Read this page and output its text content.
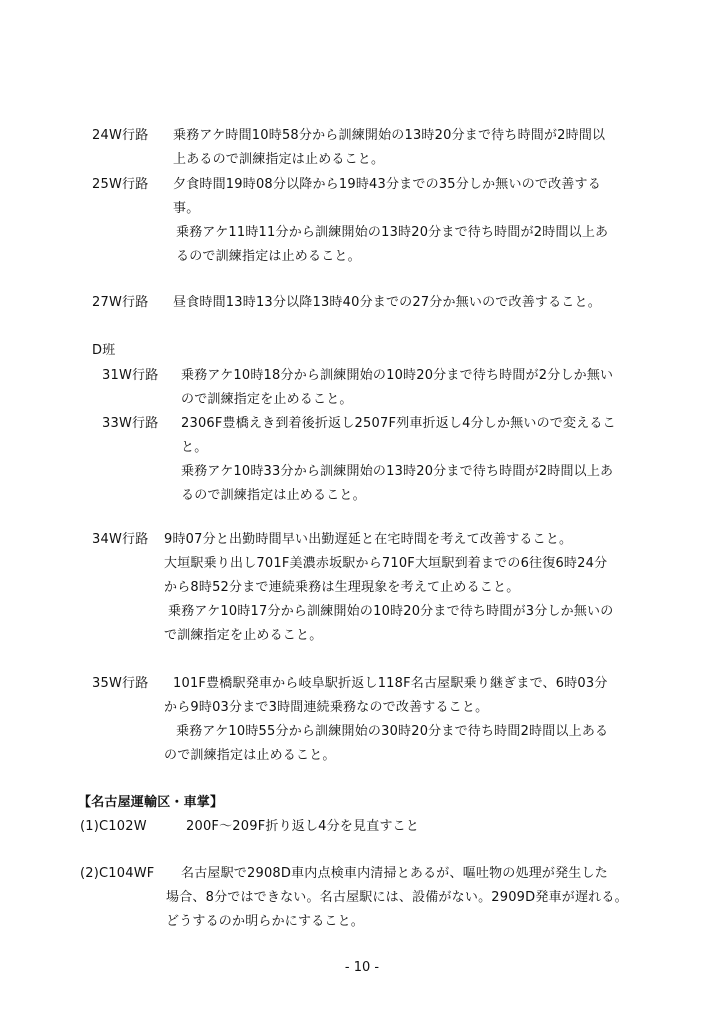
24W行路 乗務アケ時間10時58分から訓練開始の13時20分まで待ち時間が2時間以
上あるので訓練指定は止めること。
25W行路 夕食時間19時08分以降から19時43分までの35分しか無いので改善する
事。
乗務アケ11時11分から訓練開始の13時20分まで待ち時間が2時間以上あ
るので訓練指定は止めること。
27W行路 昼食時間13時13分以降13時40分までの27分か無いので改善すること。
D班
31W行路 乗務アケ10時18分から訓練開始の10時20分まで待ち時間が2分しか無い
ので訓練指定を止めること。
33W行路 2306F豊橋えき到着後折返し2507F列車折返し4分しか無いので変えるこ
と。
乗務アケ10時33分から訓練開始の13時20分まで待ち時間が2時間以上あ
るので訓練指定は止めること。
34W行路 9時07分と出勤時間早い出勤遅延と在宅時間を考えて改善すること。
大垣駅乗り出し701F美濃赤坂駅から710F大垣駅到着までの6往復6時24分
から8時52分まで連続乗務は生理現象を考えて止めること。
乗務アケ10時17分から訓練開始の10時20分まで待ち時間が3分しか無いの
で訓練指定を止めること。
35W行路 101F豊橋駅発車から岐阜駅折返し118F名古屋駅乗り継ぎまで、6時03分
から9時03分まで3時間連続乗務なので改善すること。
乗務アケ10時55分から訓練開始の30時20分まで待ち時間2時間以上ある
ので訓練指定は止めること。
【名古屋運輸区・車掌】
(1)C102W	200F～209F折り返し4分を見直すこと
(2)C104WF 名古屋駅で2908D車内点検車内清掃とあるが、嘔吐物の処理が発生した
場合、8分ではできない。名古屋駅には、設備がない。2909D発車が遅れる。
どうするのか明らかにすること。
- 10 -
